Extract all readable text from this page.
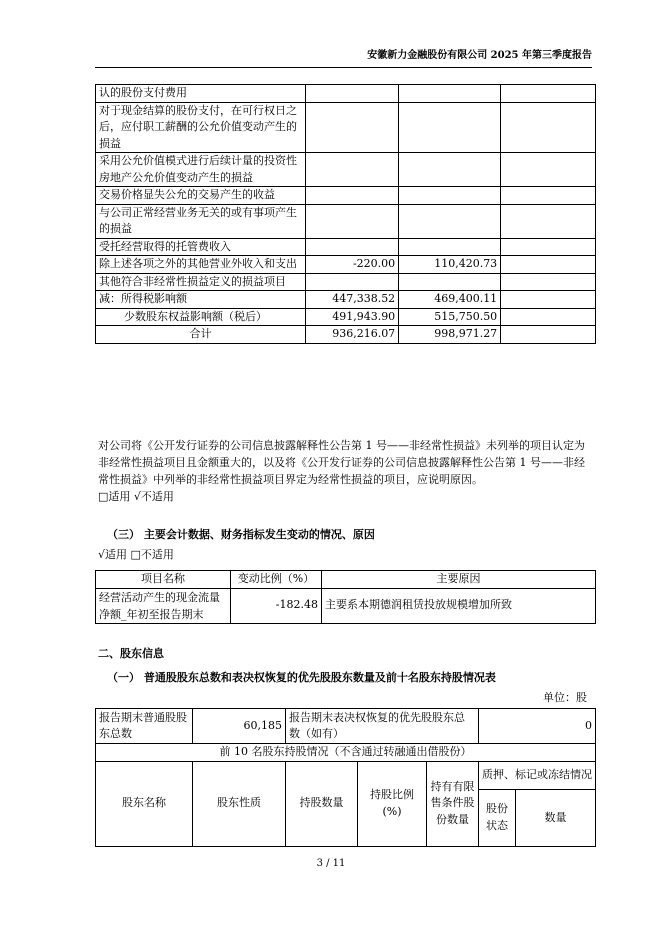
安徽新力金融股份有限公司 2025 年第三季度报告
认的股份支付费用			
对于现金结算的股份支付，在可行权日之后，应付职工薪酬的公允价值变动产生的损益			
采用公允价值模式进行后续计量的投资性房地产公允价值变动产生的损益			
交易价格显失公允的交易产生的收益			
与公司正常经营业务无关的或有事项产生的损益			
受托经营取得的托管费收入			
除上述各项之外的其他营业外收入和支出	-220.00	110,420.73	
其他符合非经常性损益定义的损益项目			
减：所得税影响额	447,338.52	469,400.11	
少数股东权益影响额（税后）	491,943.90	515,750.50	
合计	936,216.07	998,971.27	
对公司将《公开发行证券的公司信息披露解释性公告第 1 号——非经常性损益》未列举的项目认定为非经常性损益项目且金额重大的，以及将《公开发行证券的公司信息披露解释性公告第 1 号——非经常性损益》中列举的非经常性损益项目界定为经常性损益的项目，应说明原因。
□适用 √不适用
（三） 主要会计数据、财务指标发生变动的情况、原因
√适用 □不适用
项目名称	变动比例（%）	主要原因
经营活动产生的现金流量净额_年初至报告期末	-182.48	主要系本期德润租赁投放规模增加所致
二、股东信息
（一） 普通股股东总数和表决权恢复的优先股股东数量及前十名股东持股情况表
单位：股
报告期末普通股股东总数	60,185	报告期末表决权恢复的优先股股东总数（如有）			0	
前 10 名股东持股情况（不含通过转融通出借股份）						
股东名称	股东性质	持股数量	持股比例(%)	持有有限售条件股份数量	质押、标记或冻结情况	
					股份状态	数量
3 / 11
